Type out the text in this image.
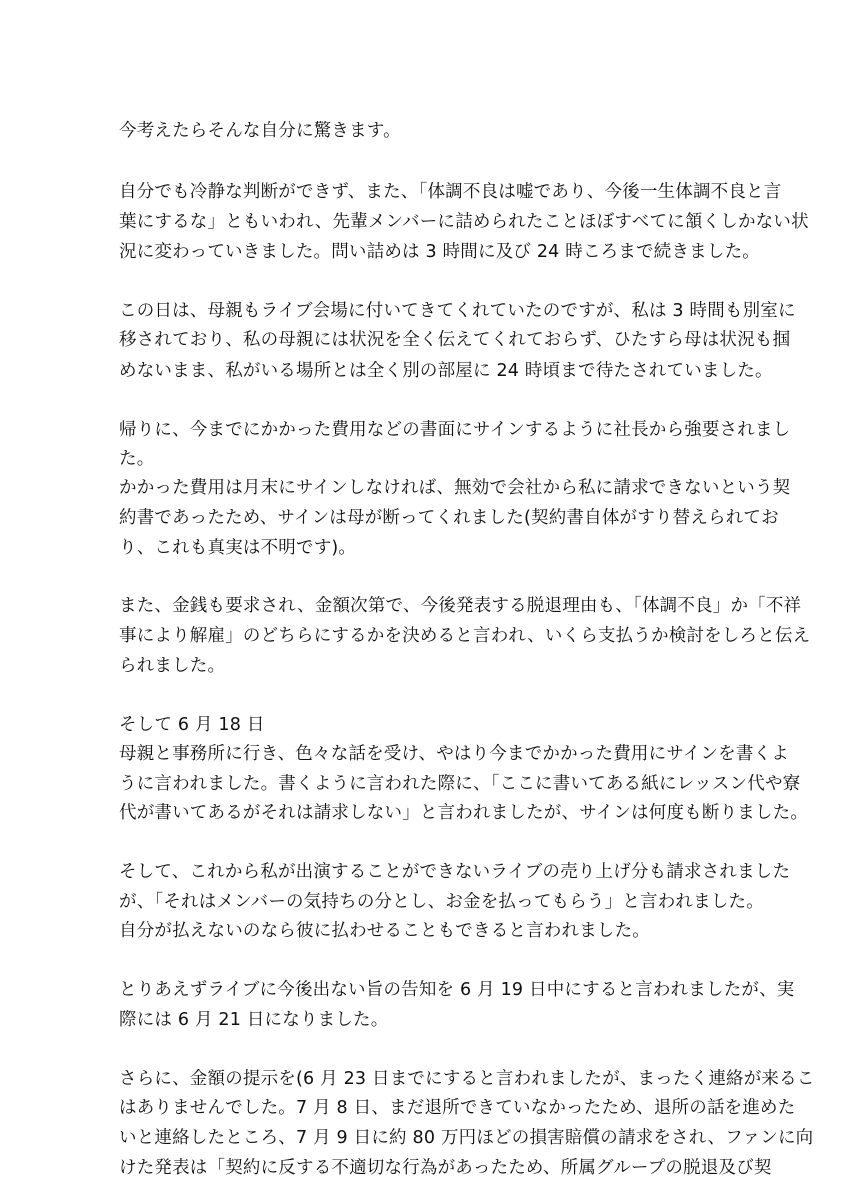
今考えたらそんな自分に驚きます。
自分でも冷静な判断ができず、また、「体調不良は嘘であり、今後一生体調不良と言
葉にするな」ともいわれ、先輩メンバーに詰められたことほぼすべてに頷くしかない状
況に変わっていきました。問い詰めは 3 時間に及び 24 時ころまで続きました。
この日は、母親もライブ会場に付いてきてくれていたのですが、私は 3 時間も別室に
移されており、私の母親には状況を全く伝えてくれておらず、ひたすら母は状況も掴
めないまま、私がいる場所とは全く別の部屋に 24 時頃まで待たされていました。
帰りに、今までにかかった費用などの書面にサインするように社長から強要されまし
た。
かかった費用は月末にサインしなければ、無効で会社から私に請求できないという契
約書であったため、サインは母が断ってくれました(契約書自体がすり替えられてお
り、これも真実は不明です)。
また、金銭も要求され、金額次第で、今後発表する脱退理由も、「体調不良」か「不祥
事により解雇」のどちらにするかを決めると言われ、いくら支払うか検討をしろと伝え
られました。
そして 6 月 18 日
母親と事務所に行き、色々な話を受け、やはり今までかかった費用にサインを書くよ
うに言われました。書くように言われた際に、「ここに書いてある紙にレッスン代や寮
代が書いてあるがそれは請求しない」と言われましたが、サインは何度も断りました。
そして、これから私が出演することができないライブの売り上げ分も請求されました
が、「それはメンバーの気持ちの分とし、お金を払ってもらう」と言われました。
自分が払えないのなら彼に払わせることもできると言われました。
とりあえずライブに今後出ない旨の告知を 6 月 19 日中にすると言われましたが、実
際には 6 月 21 日になりました。
さらに、金額の提示を(6 月 23 日までにすると言われましたが、まったく連絡が来るこ
はありませんでした。7 月 8 日、まだ退所できていなかったため、退所の話を進めた
いと連絡したところ、7 月 9 日に約 80 万円ほどの損害賠償の請求をされ、ファンに向
けた発表は「契約に反する不適切な行為があったため、所属グループの脱退及び契
